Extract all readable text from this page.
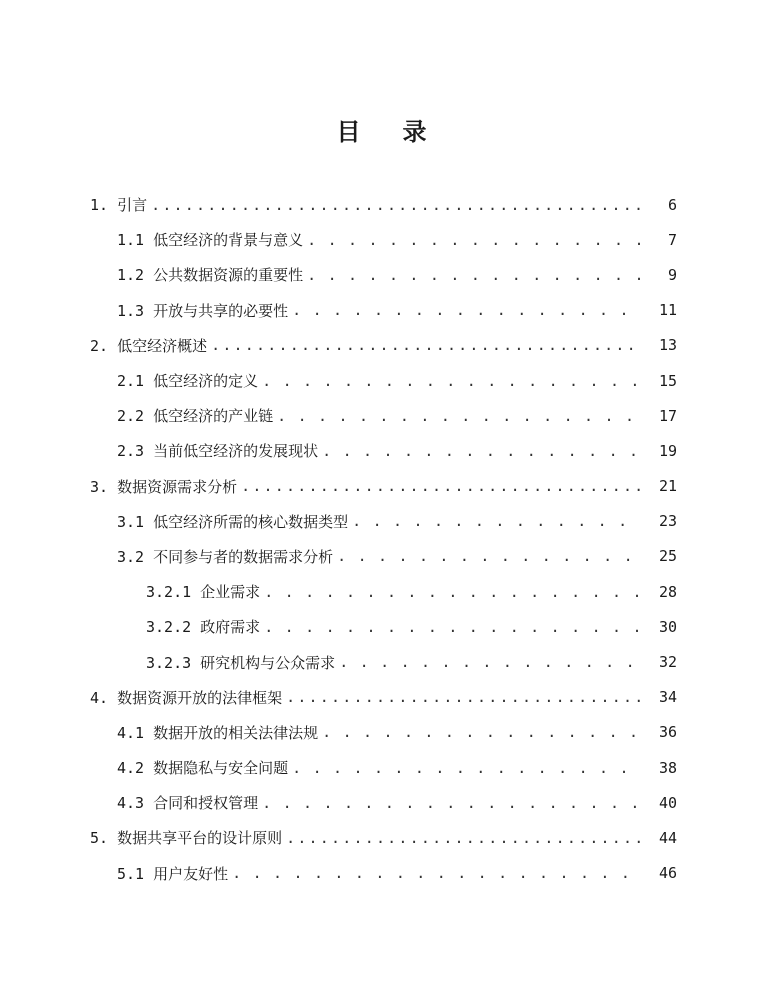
目 录
1. 引言 .....	6
1.1 低空经济的背景与意义 . . .	7
1.2 公共数据资源的重要性 . . .	9
1.3 开放与共享的必要性 . . .	11
2. 低空经济概述 .....	13
2.1 低空经济的定义 . . .	15
2.2 低空经济的产业链 . . .	17
2.3 当前低空经济的发展现状 . . .	19
3. 数据资源需求分析 .....	21
3.1 低空经济所需的核心数据类型 . . .	23
3.2 不同参与者的数据需求分析 . . .	25
3.2.1 企业需求 . . .	28
3.2.2 政府需求 . . .	30
3.2.3 研究机构与公众需求 . . .	32
4. 数据资源开放的法律框架 .....	34
4.1 数据开放的相关法律法规 . . .	36
4.2 数据隐私与安全问题 . . .	38
4.3 合同和授权管理 . . .	40
5. 数据共享平台的设计原则 .....	44
5.1 用户友好性 . . .	46
